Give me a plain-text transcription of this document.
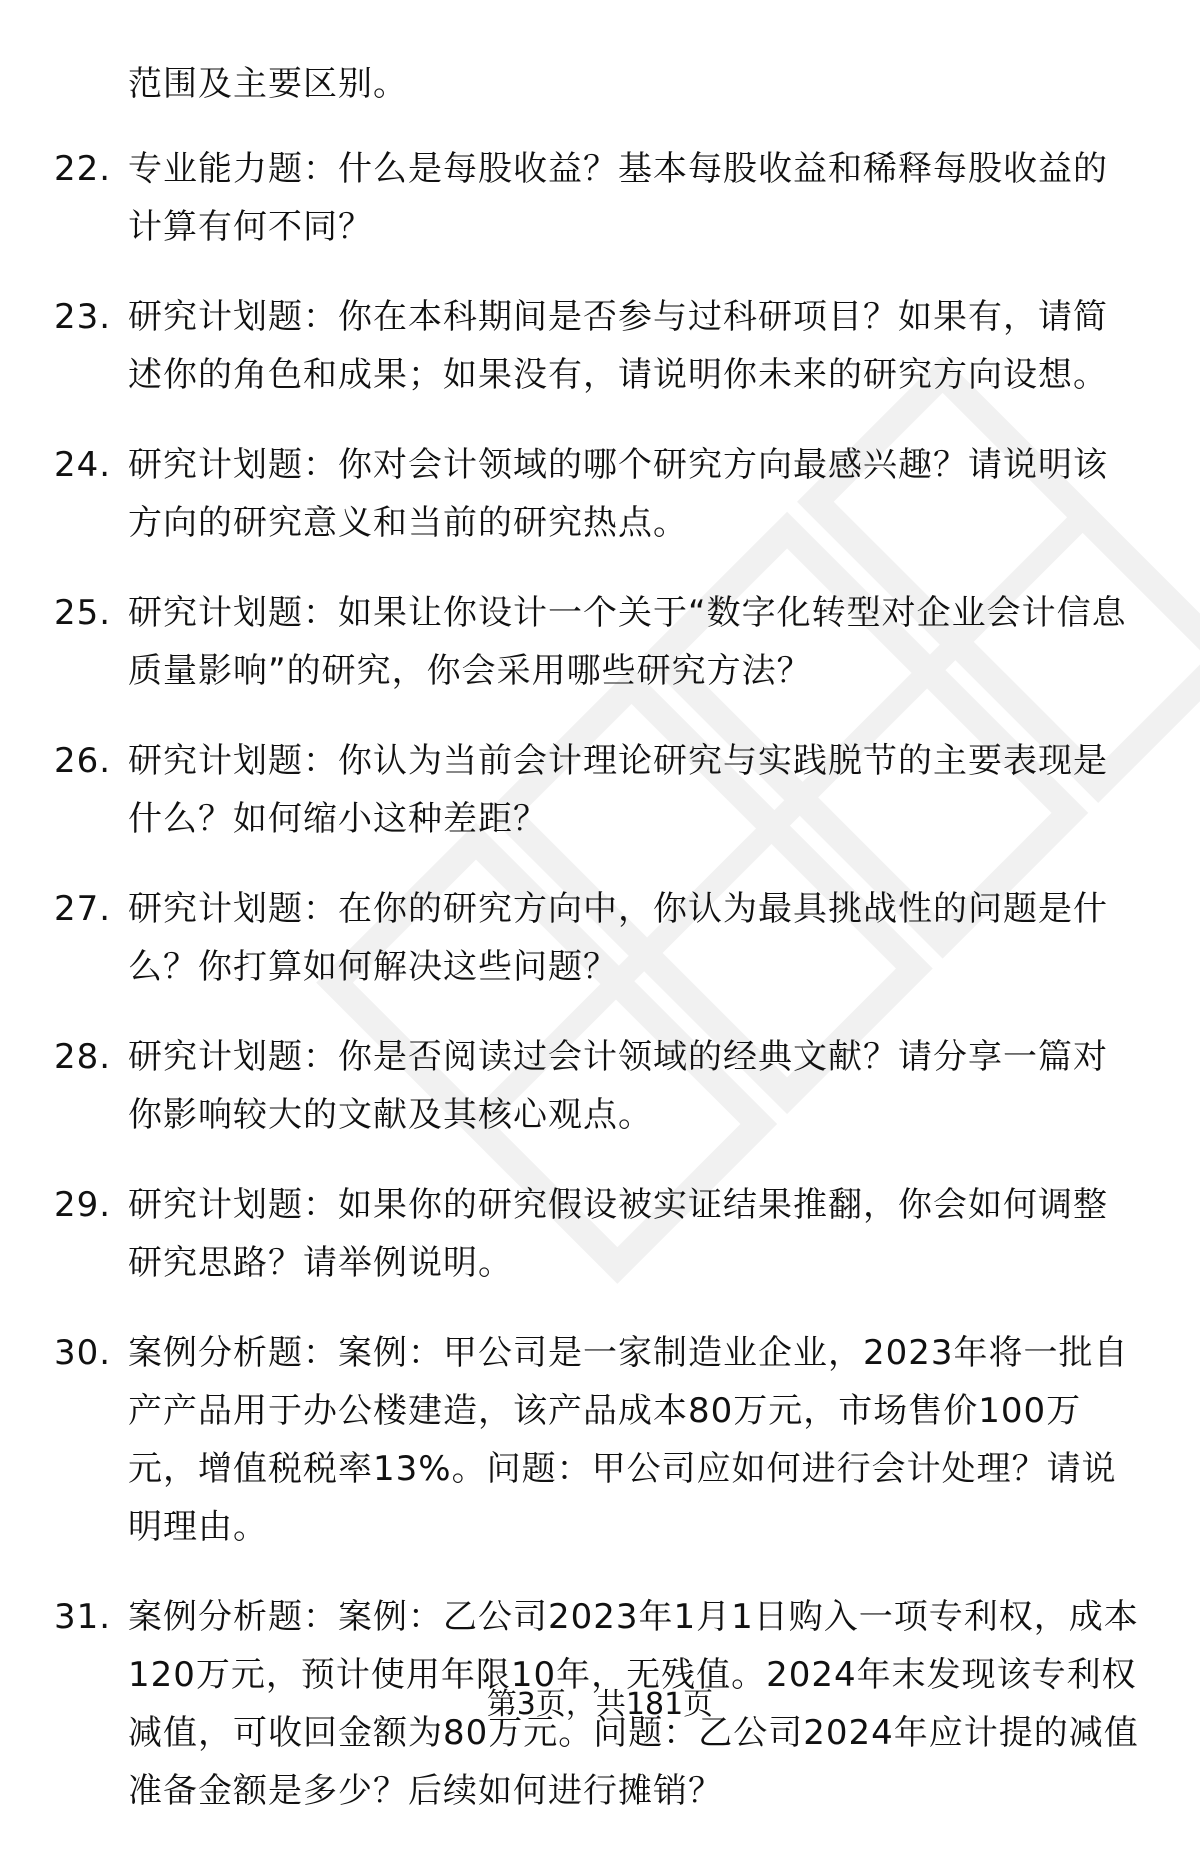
范围及主要区别。
22. 专业能力题：什么是每股收益？基本每股收益和稀释每股收益的计算有何不同？
23. 研究计划题：你在本科期间是否参与过科研项目？如果有，请简述你的角色和成果；如果没有，请说明你未来的研究方向设想。
24. 研究计划题：你对会计领域的哪个研究方向最感兴趣？请说明该方向的研究意义和当前的研究热点。
25. 研究计划题：如果让你设计一个关于“数字化转型对企业会计信息质量影响”的研究，你会采用哪些研究方法？
26. 研究计划题：你认为当前会计理论研究与实践脱节的主要表现是什么？如何缩小这种差距？
27. 研究计划题：在你的研究方向中，你认为最具挑战性的问题是什么？你打算如何解决这些问题？
28. 研究计划题：你是否阅读过会计领域的经典文献？请分享一篇对你影响较大的文献及其核心观点。
29. 研究计划题：如果你的研究假设被实证结果推翻，你会如何调整研究思路？请举例说明。
30. 案例分析题：案例：甲公司是一家制造业企业，2023年将一批自产产品用于办公楼建造，该产品成本80万元，市场售价100万元，增值税税率13%。问题：甲公司应如何进行会计处理？请说明理由。
31. 案例分析题：案例：乙公司2023年1月1日购入一项专利权，成本120万元，预计使用年限10年，无残值。2024年末发现该专利权减值，可收回金额为80万元。问题：乙公司2024年应计提的减值准备金额是多少？后续如何进行摊销？
第3页，共181页
